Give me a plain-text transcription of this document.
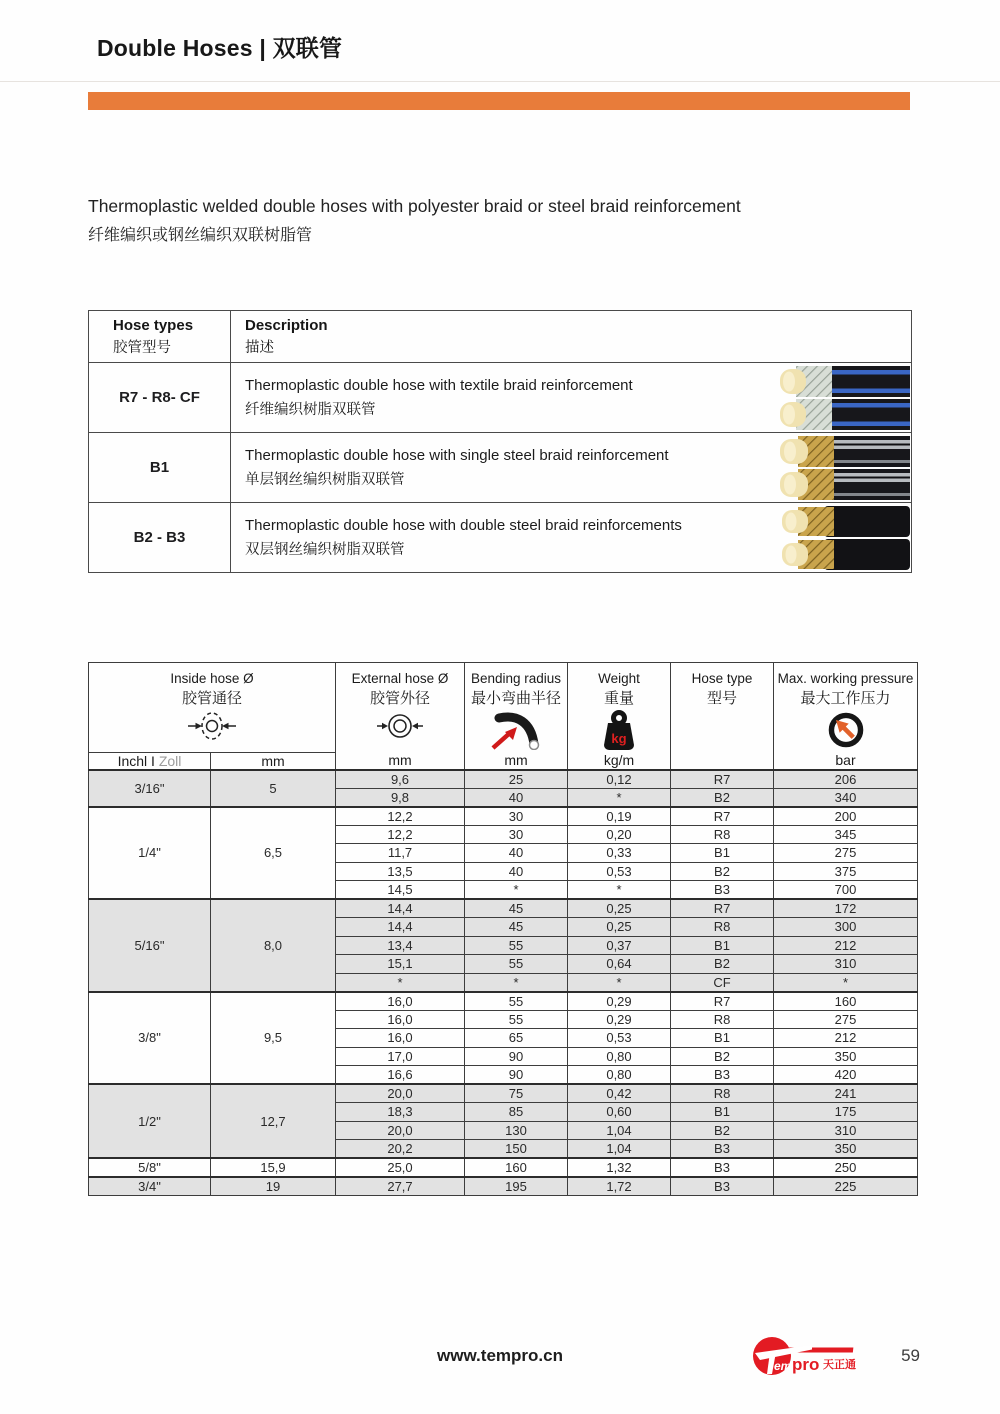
Double Hoses | 双联管
Thermoplastic welded double hoses with polyester braid or steel braid reinforcement
纤维编织或钢丝编织双联树脂管
Hose types
胶管型号

Description
描述

R7 - R8- CF	Thermoplastic double hose with textile braid reinforcement
纤维编织树脂双联管

B1	Thermoplastic double hose with single steel braid reinforcement
单层钢丝编织树脂双联管

B2 - B3	Thermoplastic double hose with double steel braid reinforcements
双层钢丝编织树脂双联管
Inside hose Ø
胶管通径

External hose Ø
胶管外径

Bending radius
最小弯曲半径

Weight
重量
kg

Hose type
型号

Max. working pressure
最大工作压力

Inchl I Zoll	mm	mm	mm	kg/m		bar
3/16"	5	9,6	25	0,12	R7	206
		9,8	40	*	B2	340
1/4"	6,5	12,2	30	0,19	R7	200
		12,2	30	0,20	R8	345
		11,7	40	0,33	B1	275
		13,5	40	0,53	B2	375
		14,5	*	*	B3	700
5/16"	8,0	14,4	45	0,25	R7	172
		14,4	45	0,25	R8	300
		13,4	55	0,37	B1	212
		15,1	55	0,64	B2	310
		*	*	*	CF	*
3/8"	9,5	16,0	55	0,29	R7	160
		16,0	55	0,29	R8	275
		16,0	65	0,53	B1	212
		17,0	90	0,80	B2	350
		16,6	90	0,80	B3	420
1/2"	12,7	20,0	75	0,42	R8	241
		18,3	85	0,60	B1	175
		20,0	130	1,04	B2	310
		20,2	150	1,04	B3	350
5/8"	15,9	25,0	160	1,32	B3	250
3/4"	19	27,7	195	1,72	B3	225
www.tempro.cn
em pro 天正通	59
